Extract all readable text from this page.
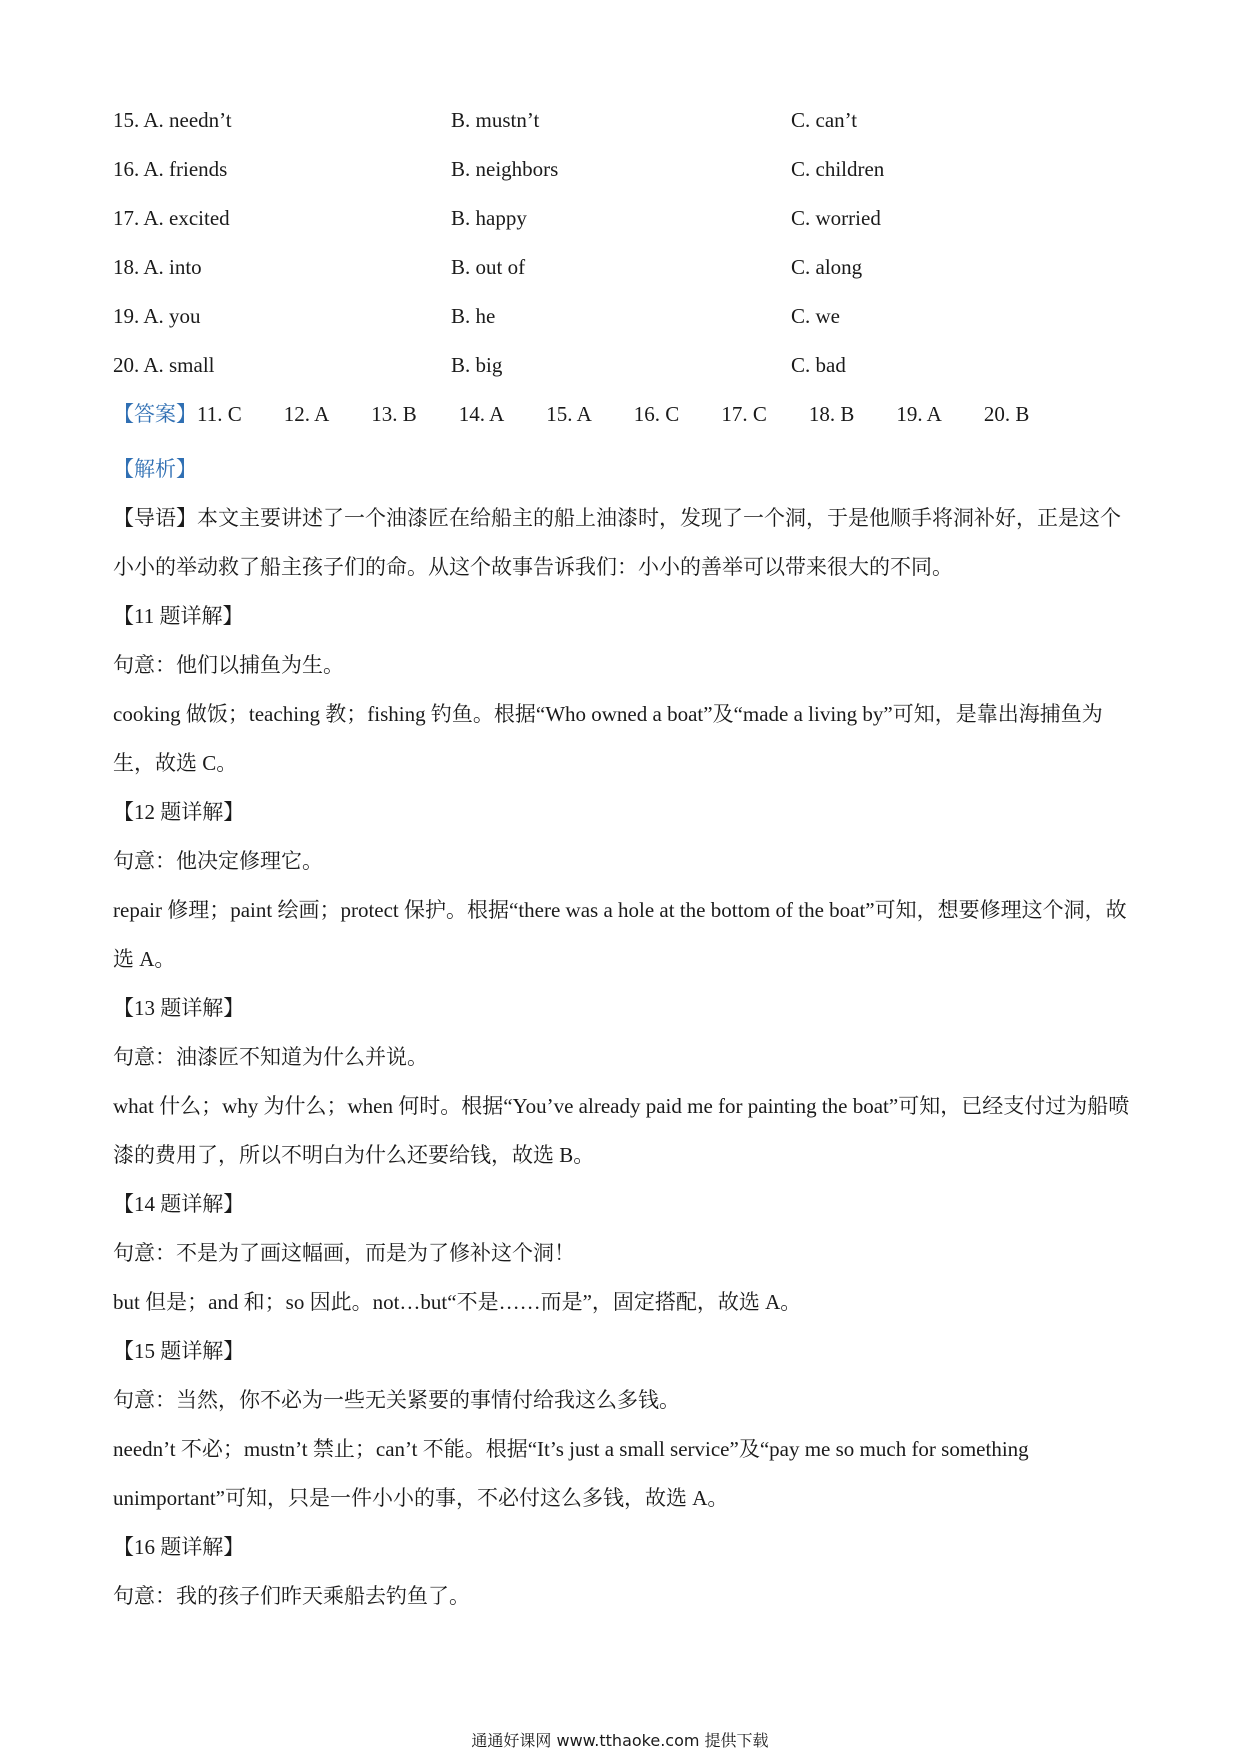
15. A. needn’t	B. mustn’t	C. can’t
16. A. friends	B. neighbors	C. children
17. A. excited	B. happy	C. worried
18. A. into	B. out of	C. along
19. A. you	B. he	C. we
20. A. small	B. big	C. bad
【答案】11. C 12. A 13. B 14. A 15. A 16. C 17. C 18. B 19. A 20. B

【解析】

【导语】本文主要讲述了一个油漆匠在给船主的船上油漆时，发现了一个洞，于是他顺手将洞补好，正是这个小小的举动救了船主孩子们的命。从这个故事告诉我们：小小的善举可以带来很大的不同。

【11 题详解】

句意：他们以捕鱼为生。

cooking 做饭；teaching 教；fishing 钓鱼。根据“Who owned a boat”及“made a living by”可知，是靠出海捕鱼为生，故选 C。

【12 题详解】

句意：他决定修理它。

repair 修理；paint 绘画；protect 保护。根据“there was a hole at the bottom of the boat”可知，想要修理这个洞，故选 A。

【13 题详解】

句意：油漆匠不知道为什么并说。

what 什么；why 为什么；when 何时。根据“You’ve already paid me for painting the boat”可知，已经支付过为船喷漆的费用了，所以不明白为什么还要给钱，故选 B。

【14 题详解】

句意：不是为了画这幅画，而是为了修补这个洞！

but 但是；and 和；so 因此。not…but“不是……而是”，固定搭配，故选 A。

【15 题详解】

句意：当然，你不必为一些无关紧要的事情付给我这么多钱。

needn’t 不必；mustn’t 禁止；can’t 不能。根据“It’s just a small service”及“pay me so much for something unimportant”可知，只是一件小小的事，不必付这么多钱，故选 A。

【16 题详解】

句意：我的孩子们昨天乘船去钓鱼了。

通通好课网 www.tthaoke.com 提供下载
